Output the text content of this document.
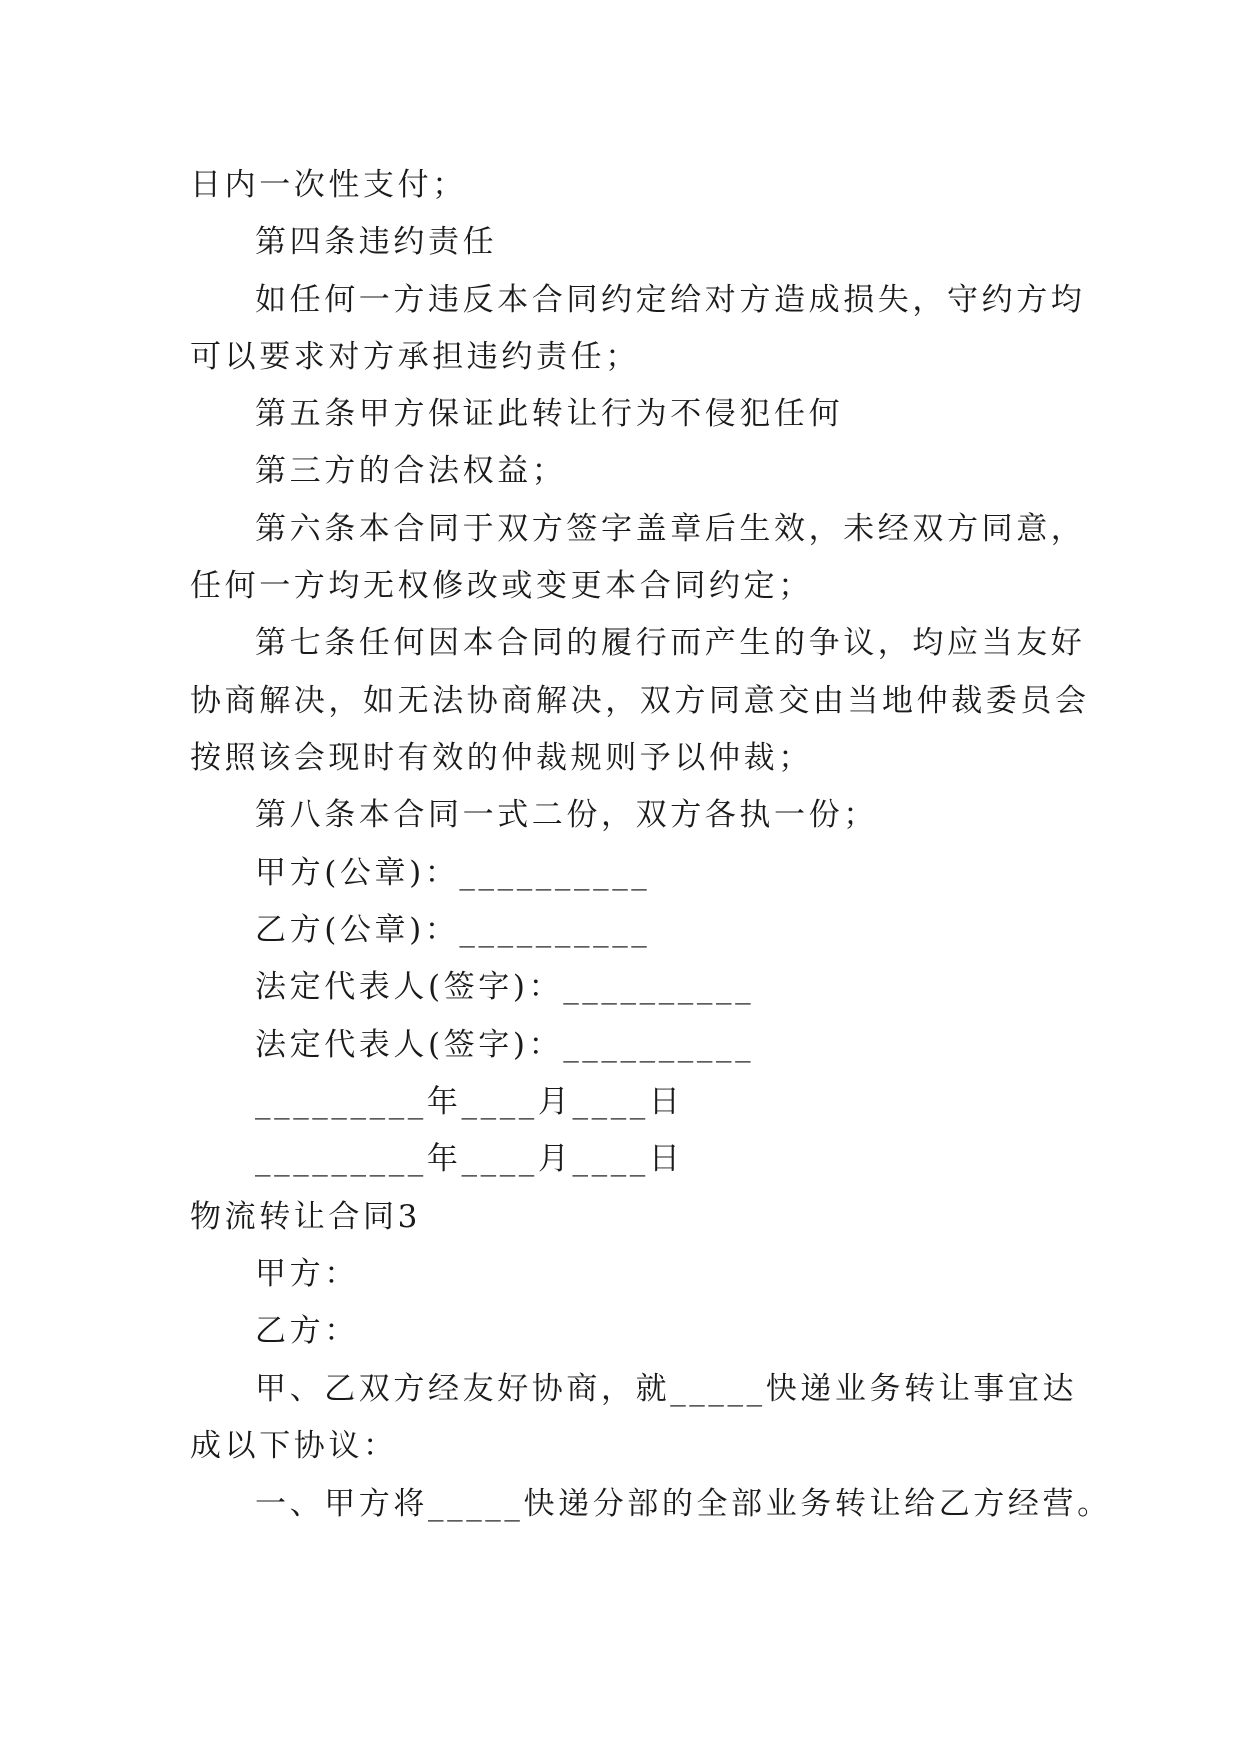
日内一次性支付；
第四条违约责任
如任何一方违反本合同约定给对方造成损失，守约方均
可以要求对方承担违约责任；
第五条甲方保证此转让行为不侵犯任何
第三方的合法权益；
第六条本合同于双方签字盖章后生效，未经双方同意，
任何一方均无权修改或变更本合同约定；
第七条任何因本合同的履行而产生的争议，均应当友好
协商解决，如无法协商解决，双方同意交由当地仲裁委员会
按照该会现时有效的仲裁规则予以仲裁；
第八条本合同一式二份，双方各执一份；
甲方(公章)：__________
乙方(公章)：__________
法定代表人(签字)：__________
法定代表人(签字)：__________
_________年____月____日
_________年____月____日
物流转让合同3
甲方：
乙方：
甲、乙双方经友好协商，就_____快递业务转让事宜达
成以下协议：
一、甲方将_____快递分部的全部业务转让给乙方经营。
